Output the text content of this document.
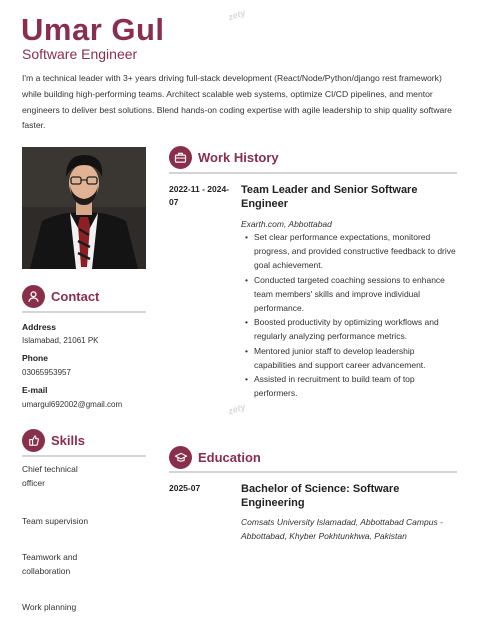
Umar Gul
Software Engineer
I'm a technical leader with 3+ years driving full-stack development (React/Node/Python/django rest framework) while building high-performing teams. Architect scalable web systems, optimize CI/CD pipelines, and mentor engineers to deliver best solutions. Blend hands-on coding expertise with agile leadership to ship quality software faster.
zety
zety
Contact
Address
Islamabad, 21061 PK
Phone
03065953957
E-mail
umargul692002@gmail.com
Skills
Chief technical officer
Team supervision
Teamwork and collaboration
Work planning
Work History
2022-11 - 2024-07
Team Leader and Senior Software Engineer
Exarth.com, Abbottabad
• Set clear performance expectations, monitored progress, and provided constructive feedback to drive goal achievement.
• Conducted targeted coaching sessions to enhance team members' skills and improve individual performance.
• Boosted productivity by optimizing workflows and regularly analyzing performance metrics.
• Mentored junior staff to develop leadership capabilities and support career advancement.
• Assisted in recruitment to build team of top performers.
Education
2025-07	Bachelor of Science: Software Engineering
Comsats University Islamadad, Abbottabad Campus - Abbottabad, Khyber Pokhtunkhwa, Pakistan
